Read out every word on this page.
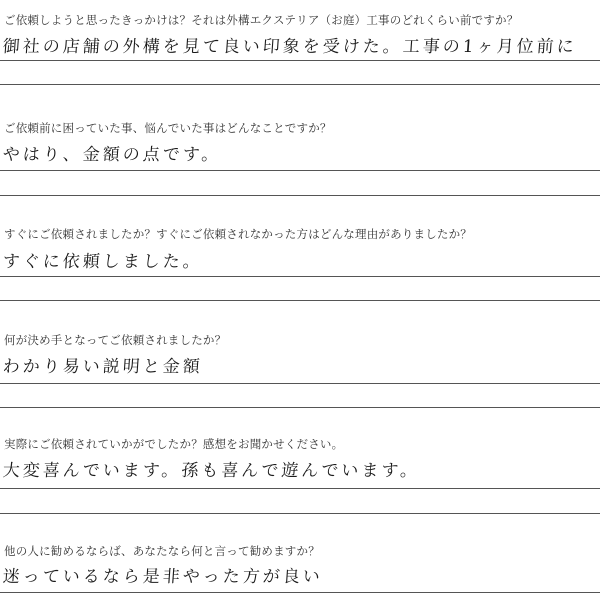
ご依頼しようと思ったきっかけは？それは外構エクステリア（お庭）工事のどれくらい前ですか？
御社の店舗の外構を見て良い印象を受けた。工事の1ヶ月位前に
ご依頼前に困っていた事、悩んでいた事はどんなことですか？
やはり、金額の点です。
すぐにご依頼されましたか？すぐにご依頼されなかった方はどんな理由がありましたか？
すぐに依頼しました。
何が決め手となってご依頼されましたか？
わかり易い説明と金額
実際にご依頼されていかがでしたか？感想をお聞かせください。
大変喜んでいます。孫も喜んで遊んでいます。
他の人に勧めるならば、あなたなら何と言って勧めますか？
迷っているなら是非やった方が良い
